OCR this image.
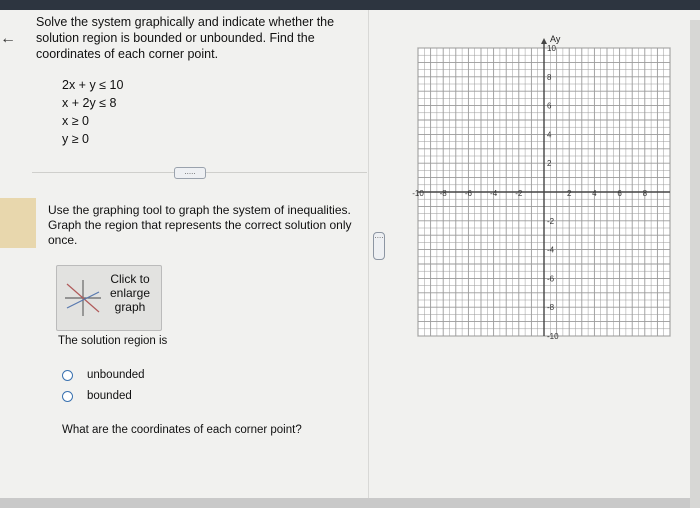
←
Solve the system graphically and indicate whether the solution region is bounded or unbounded. Find the coordinates of each corner point.
2x + y ≤ 10
x + 2y ≤ 8
x ≥ 0
y ≥ 0
.....
Use the graphing tool to graph the system of inequalities. Graph the region that represents the correct solution only once.
Click to enlarge graph
The solution region is
unbounded
bounded
What are the coordinates of each corner point?
....
Ay
-10 -8 -6 -4 -2	2	4	6	8
10
8
6
4
2
-2
-4
-6
-8
-10
